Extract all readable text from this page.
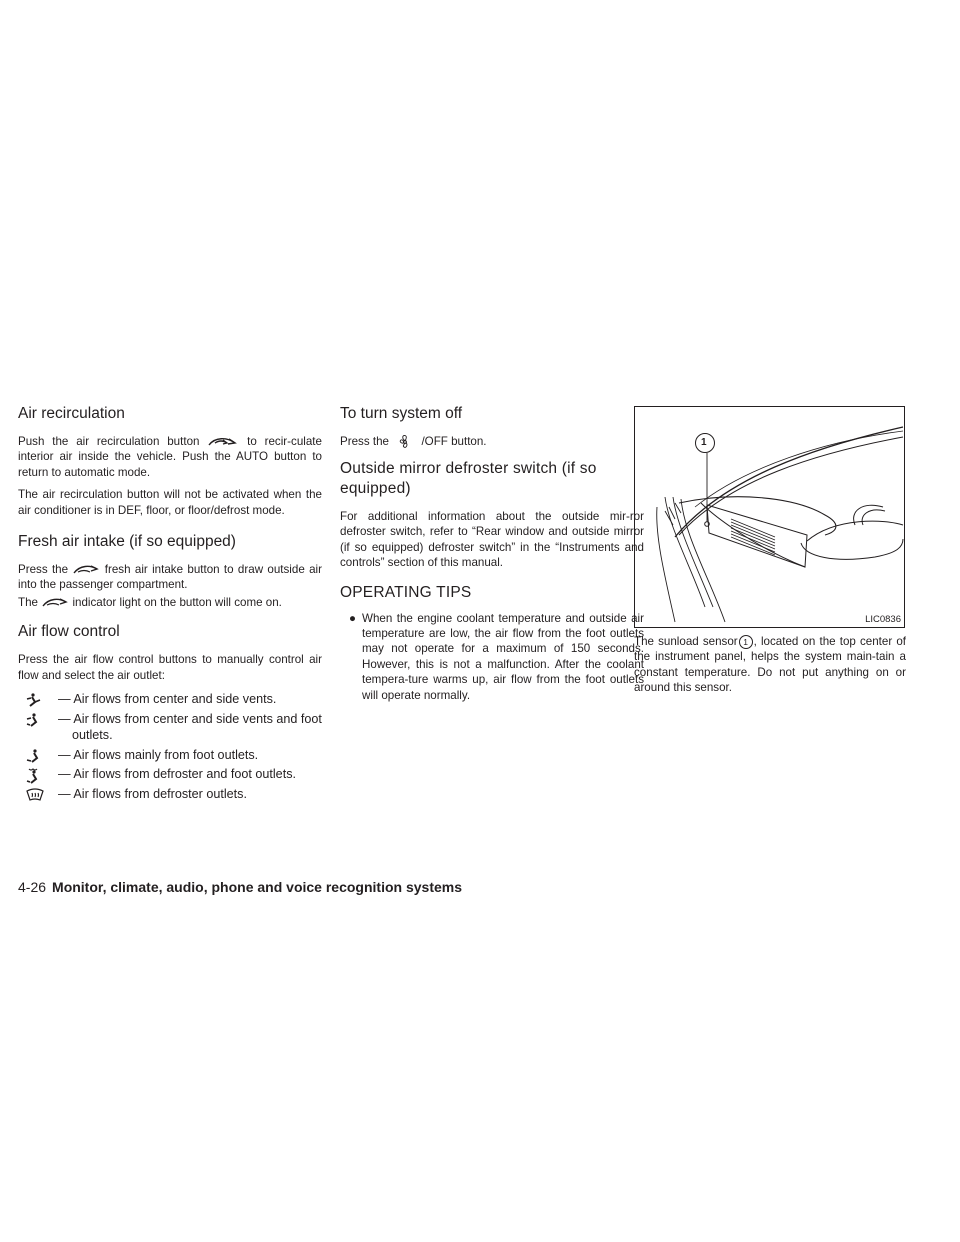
Air recirculation

Push the air recirculation button	to recir-culate interior air inside the vehicle. Push the AUTO button to return to automatic mode.

The air recirculation button will not be activated when the air conditioner is in DEF, floor, or floor/defrost mode.

Fresh air intake (if so equipped)

Press the	fresh air intake button to draw outside air into the passenger compartment.

The	indicator light on the button will come on.

Air flow control

Press the air flow control buttons to manually control air flow and select the air outlet:

— Air flows from center and side vents.
— Air flows from center and side vents and foot outlets.
— Air flows mainly from foot outlets.
— Air flows from defroster and foot outlets.
— Air flows from defroster outlets.
To turn system off

Press the	/OFF button.

Outside mirror defroster switch (if so equipped)

For additional information about the outside mir-ror defroster switch, refer to “Rear window and outside mirror (if so equipped) defroster switch” in the “Instruments and controls” section of this manual.

OPERATING TIPS
● When the engine coolant temperature and outside air temperature are low, the air flow from the foot outlets may not operate for a maximum of 150 seconds. However, this is not a malfunction. After the coolant tempera-ture warms up, air flow from the foot outlets will operate normally.
1
LIC0836

The sunload sensor 1 , located on the top center of the instrument panel, helps the system main-tain a constant temperature. Do not put anything on or around this sensor.

4-26 Monitor, climate, audio, phone and voice recognition systems
